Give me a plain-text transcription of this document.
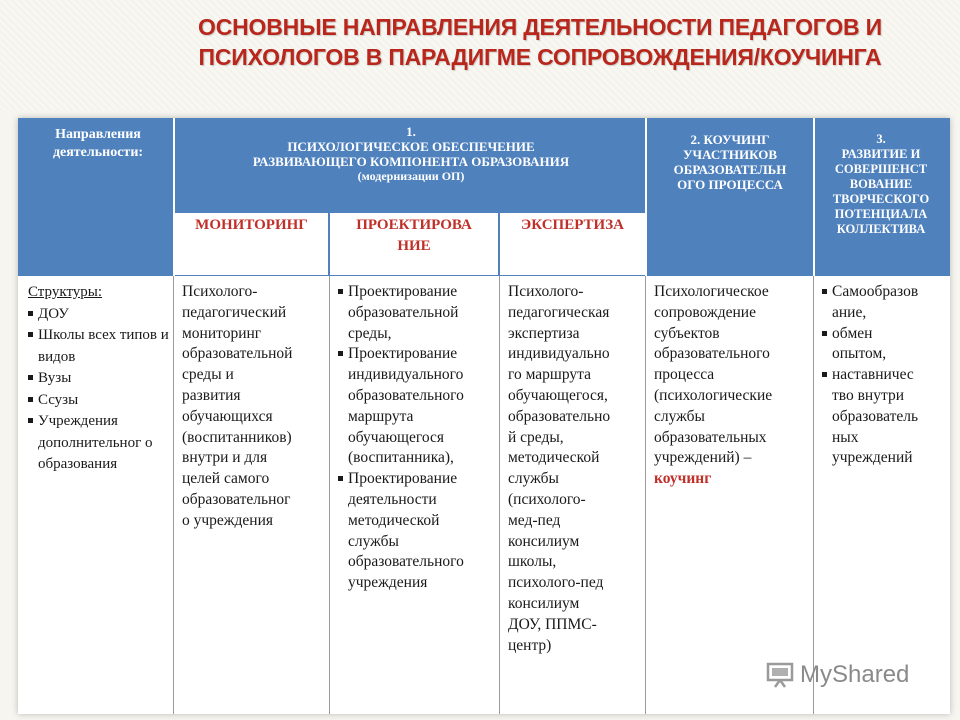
ОСНОВНЫЕ НАПРАВЛЕНИЯ ДЕЯТЕЛЬНОСТИ ПЕДАГОГОВ И
ПСИХОЛОГОВ В ПАРАДИГМЕ СОПРОВОЖДЕНИЯ/КОУЧИНГА
Направления
деятельности:
1.
ПСИХОЛОГИЧЕСКОЕ ОБЕСПЕЧЕНИЕ
РАЗВИВАЮЩЕГО КОМПОНЕНТА ОБРАЗОВАНИЯ
(модернизации ОП)
2. КОУЧИНГ
УЧАСТНИКОВ
ОБРАЗОВАТЕЛЬН
ОГО ПРОЦЕССА
3.
РАЗВИТИЕ И
СОВЕРШЕНСТ
ВОВАНИЕ
ТВОРЧЕСКОГО
ПОТЕНЦИАЛА
КОЛЛЕКТИВА
МОНИТОРИНГ	ПРОЕКТИРОВА
НИЕ
ЭКСПЕРТИЗА
Структуры:
ДОУ
Школы всех типов и видов
Вузы
Ссузы
Учреждения дополнительног о образования
Психолого-
педагогический
мониторинг
образовательной
среды и
развития
обучающихся
(воспитанников)
внутри и для
целей самого
образовательног
о учреждения
Проектирование
образовательной
среды,
Проектирование
индивидуального
образовательного
маршрута
обучающегося
(воспитанника),
Проектирование
деятельности
методической
службы
образовательного
учреждения
Психолого-
педагогическая
экспертиза
индивидуально
го маршрута
обучающегося,
образовательно
й среды,
методической
службы
(психолого-
мед-пед
консилиум
школы,
психолого-пед
консилиум
ДОУ, ППМС-
центр)
Психологическое
сопровождение
субъектов
образовательного
процесса
(психологические
службы
образовательных
учреждений) –
коучинг
Самообразов
ание,
обмен
опытом,
наставничес
тво внутри
образователь
ных
учреждений
MyShared
